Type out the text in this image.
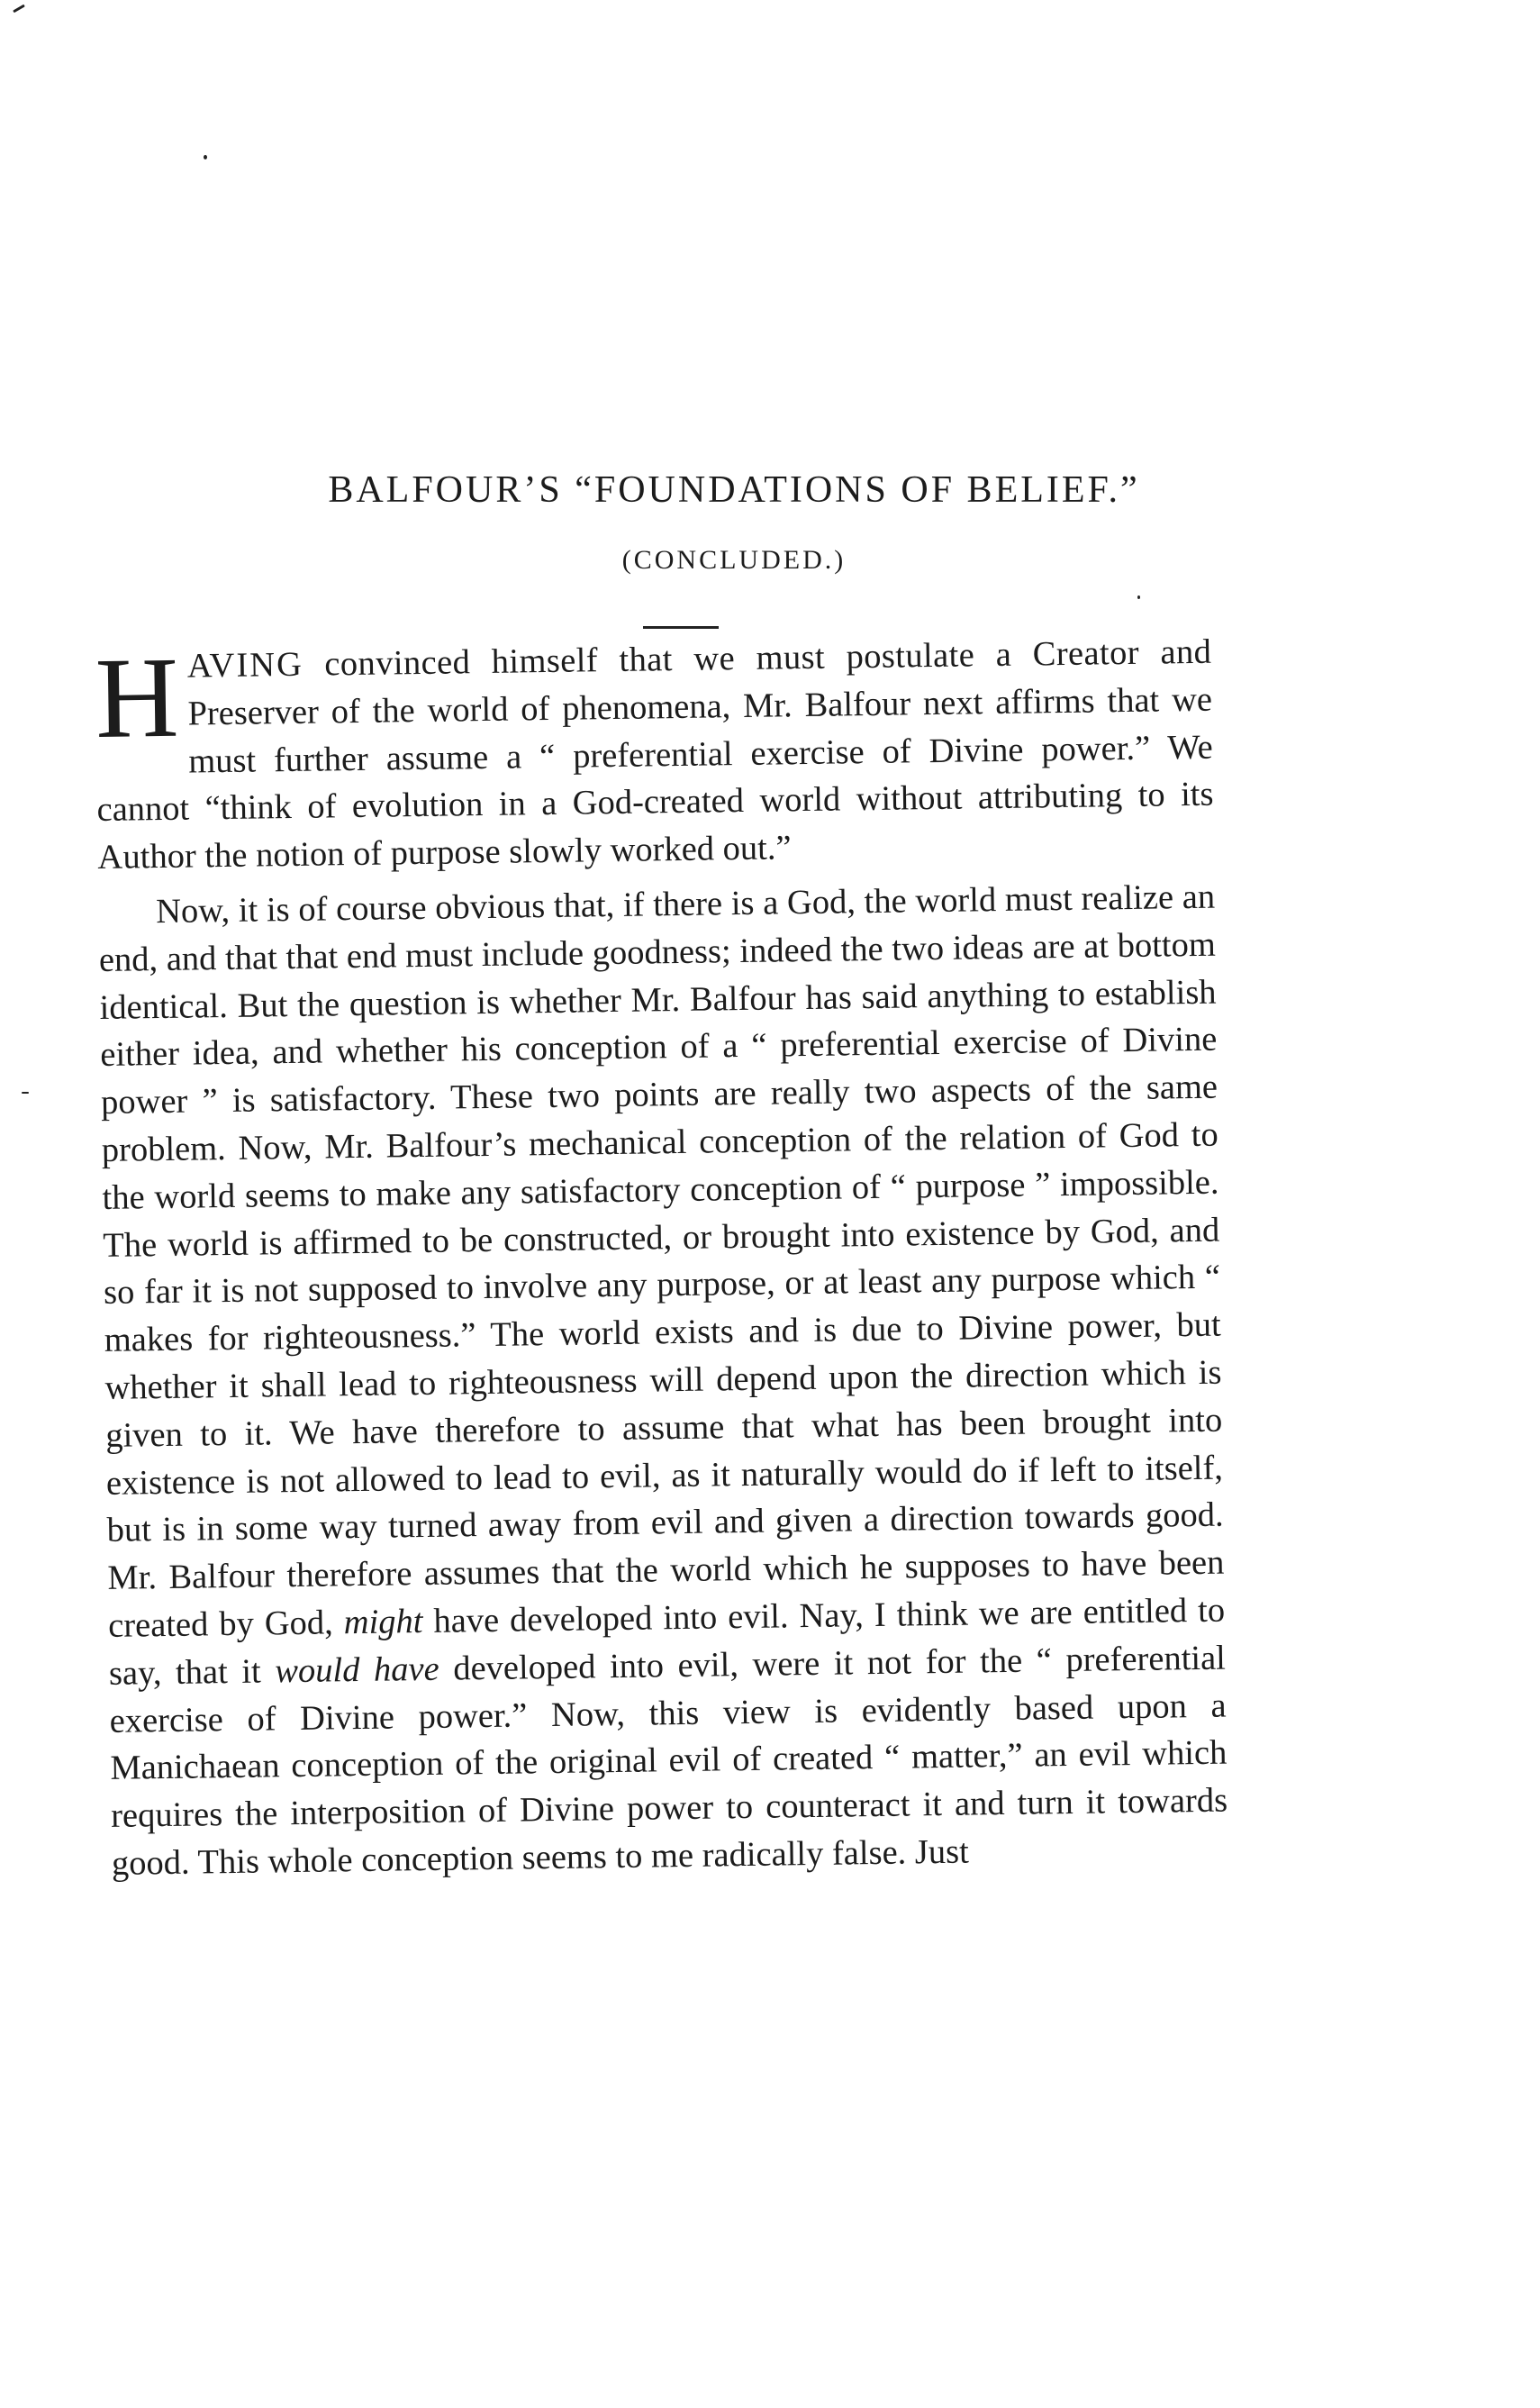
BALFOUR’S “FOUNDATIONS OF BELIEF.”
(CONCLUDED.)

HAVING convinced himself that we must postulate a Creator and Preserver of the world of phenomena, Mr. Balfour next affirms that we must further assume a “ preferential exercise of Divine power.” We cannot “think of evolution in a God-created world without attributing to its Author the notion of purpose slowly worked out.”

Now, it is of course obvious that, if there is a God, the world must realize an end, and that that end must include goodness; indeed the two ideas are at bottom identical. But the question is whether Mr. Balfour has said anything to establish either idea, and whether his conception of a “ preferential exercise of Divine power ” is satisfactory. These two points are really two aspects of the same problem. Now, Mr. Balfour’s mechanical conception of the relation of God to the world seems to make any satisfactory conception of “ purpose ” impossible. The world is affirmed to be constructed, or brought into existence by God, and so far it is not supposed to involve any purpose, or at least any purpose which “ makes for righteousness.” The world exists and is due to Divine power, but whether it shall lead to righteousness will depend upon the direction which is given to it. We have therefore to assume that what has been brought into existence is not allowed to lead to evil, as it naturally would do if left to itself, but is in some way turned away from evil and given a direction towards good. Mr. Balfour therefore assumes that the world which he supposes to have been created by God, might have developed into evil. Nay, I think we are entitled to say, that it would have developed into evil, were it not for the “ preferential exercise of Divine power.” Now, this view is evidently based upon a Manichaean conception of the original evil of created “ matter,” an evil which requires the interposition of Divine power to counteract it and turn it towards good. This whole conception seems to me radically false. Just
